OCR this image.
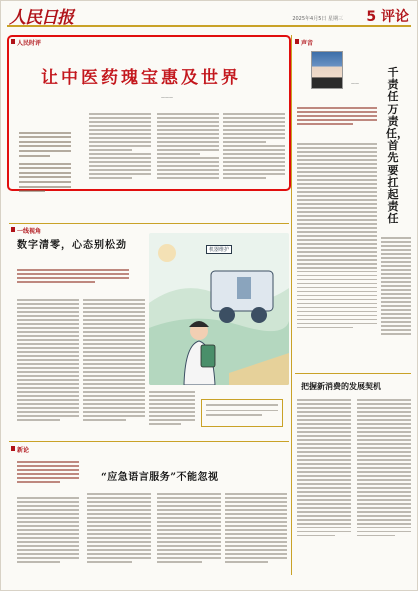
人民日报	2025年4月5日 星期三 5 评论
人民时评
让中医药瑰宝惠及世界
———
声音
——
千责任万责任，首先要扛起责任
把握新消费的发展契机
一线视角
数字清零，心态别松劲	机器维护
新论
“应急语言服务”不能忽视
